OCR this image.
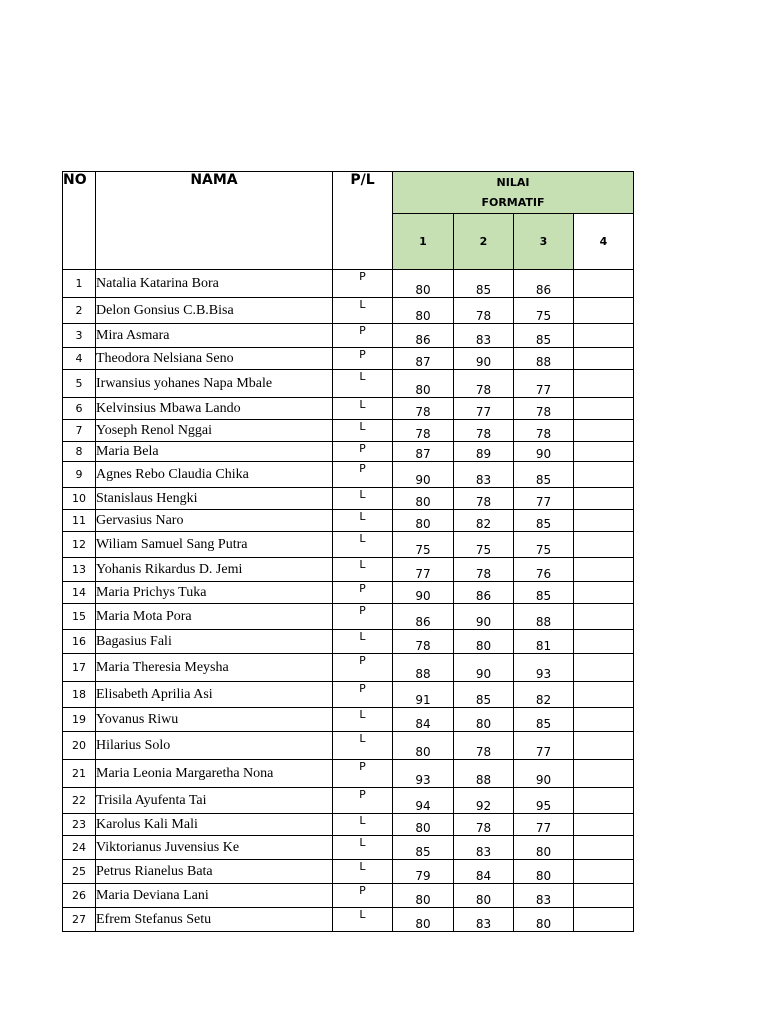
NO	NAMA	P/L	NILAI
FORMATIF			
			1	2	3	4
1	Natalia Katarina Bora	P	80	85	86	
2	Delon Gonsius C.B.Bisa	L	80	78	75	
3	Mira Asmara	P	86	83	85	
4	Theodora Nelsiana Seno	P	87	90	88	
5	Irwansius yohanes Napa Mbale	L	80	78	77	
6	Kelvinsius Mbawa Lando	L	78	77	78	
7	Yoseph Renol Nggai	L	78	78	78	
8	Maria Bela	P	87	89	90	
9	Agnes Rebo Claudia Chika	P	90	83	85	
10	Stanislaus Hengki	L	80	78	77	
11	Gervasius Naro	L	80	82	85	
12	Wiliam Samuel Sang Putra	L	75	75	75	
13	Yohanis Rikardus D. Jemi	L	77	78	76	
14	Maria Prichys Tuka	P	90	86	85	
15	Maria Mota Pora	P	86	90	88	
16	Bagasius Fali	L	78	80	81	
17	Maria Theresia Meysha	P	88	90	93	
18	Elisabeth Aprilia Asi	P	91	85	82	
19	Yovanus Riwu	L	84	80	85	
20	Hilarius Solo	L	80	78	77	
21	Maria Leonia Margaretha Nona	P	93	88	90	
22	Trisila Ayufenta Tai	P	94	92	95	
23	Karolus Kali Mali	L	80	78	77	
24	Viktorianus Juvensius Ke	L	85	83	80	
25	Petrus Rianelus Bata	L	79	84	80	
26	Maria Deviana Lani	P	80	80	83	
27	Efrem Stefanus Setu	L	80	83	80	
